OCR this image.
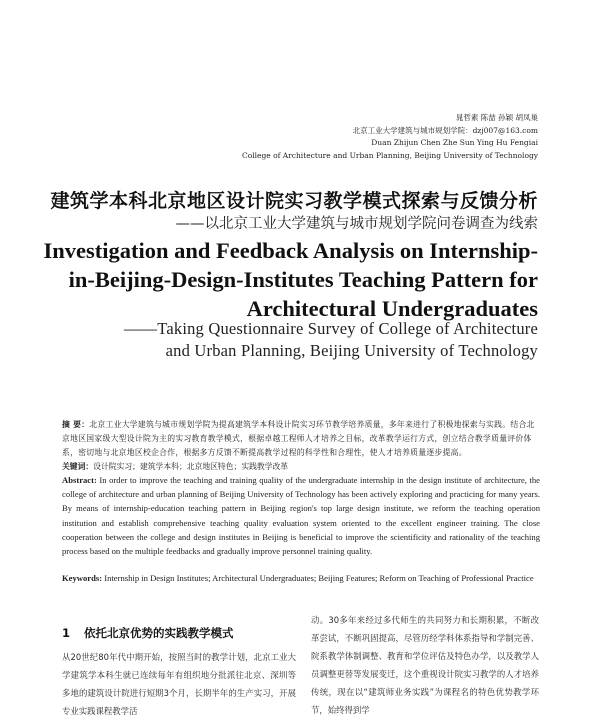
晁哲素 陈喆 孙颖 胡凤巢
北京工业大学建筑与城市规划学院：dzj007@163.com
Duan Zhijun Chen Zhe Sun Ying Hu Fengiai
College of Architecture and Urban Planning, Beijing University of Technology
建筑学本科北京地区设计院实习教学模式探索与反馈分析
——以北京工业大学建筑与城市规划学院问卷调查为线索
Investigation and Feedback Analysis on Internship-
in-Beijing-Design-Institutes Teaching Pattern for
Architectural Undergraduates
——Taking Questionnaire Survey of College of Architecture
and Urban Planning, Beijing University of Technology
摘 要：北京工业大学建筑与城市规划学院为提高建筑学本科设计院实习环节教学培养质量，多年来进行了积极地探索与实践。结合北京地区国家级大型设计院为主的实习教育教学模式，根据卓越工程师人才培养之目标，改革教学运行方式，创立结合教学质量评价体系，密切地与北京地区校企合作，根据多方反馈不断提高教学过程的科学性和合理性，使人才培养质量逐步提高。
关键词：设计院实习；建筑学本科；北京地区特色；实践教学改革
Abstract: In order to improve the teaching and training quality of the undergraduate internship in the design institute of architecture, the college of architecture and urban planning of Beijing University of Technology has been actively exploring and practicing for many years. By means of internship-education teaching pattern in Beijing region's top large design institute, we reform the teaching operation institution and establish comprehensive teaching quality evaluation system oriented to the excellent engineer training. The close cooperation between the college and design institutes in Beijing is beneficial to improve the scientificity and rationality of the teaching process based on the multiple feedbacks and gradually improve personnel training quality.
Keywords: Internship in Design Institutes; Architectural Undergraduates; Beijing Features; Reform on Teaching of Professional Practice
1 依托北京优势的实践教学模式
从20世纪80年代中期开始，按照当时的教学计划，北京工业大学建筑学本科生就已连续每年有组织地分批派往北京、深圳等多地的建筑设计院进行短期3个月，长期半年的生产实习，开展专业实践课程教学活
动。30多年来经过多代师生的共同努力和长期积累，不断改革尝试，不断巩固提高，尽管历经学科体系指导和学制完善、院系教学体制调整、教育和学位评估及特色办学，以及教学人员调整更替等发展变迁，这个重视设计院实习教学的人才培养传统，现在以“建筑师业务实践”为课程名的特色优势教学环节，始终得到学
